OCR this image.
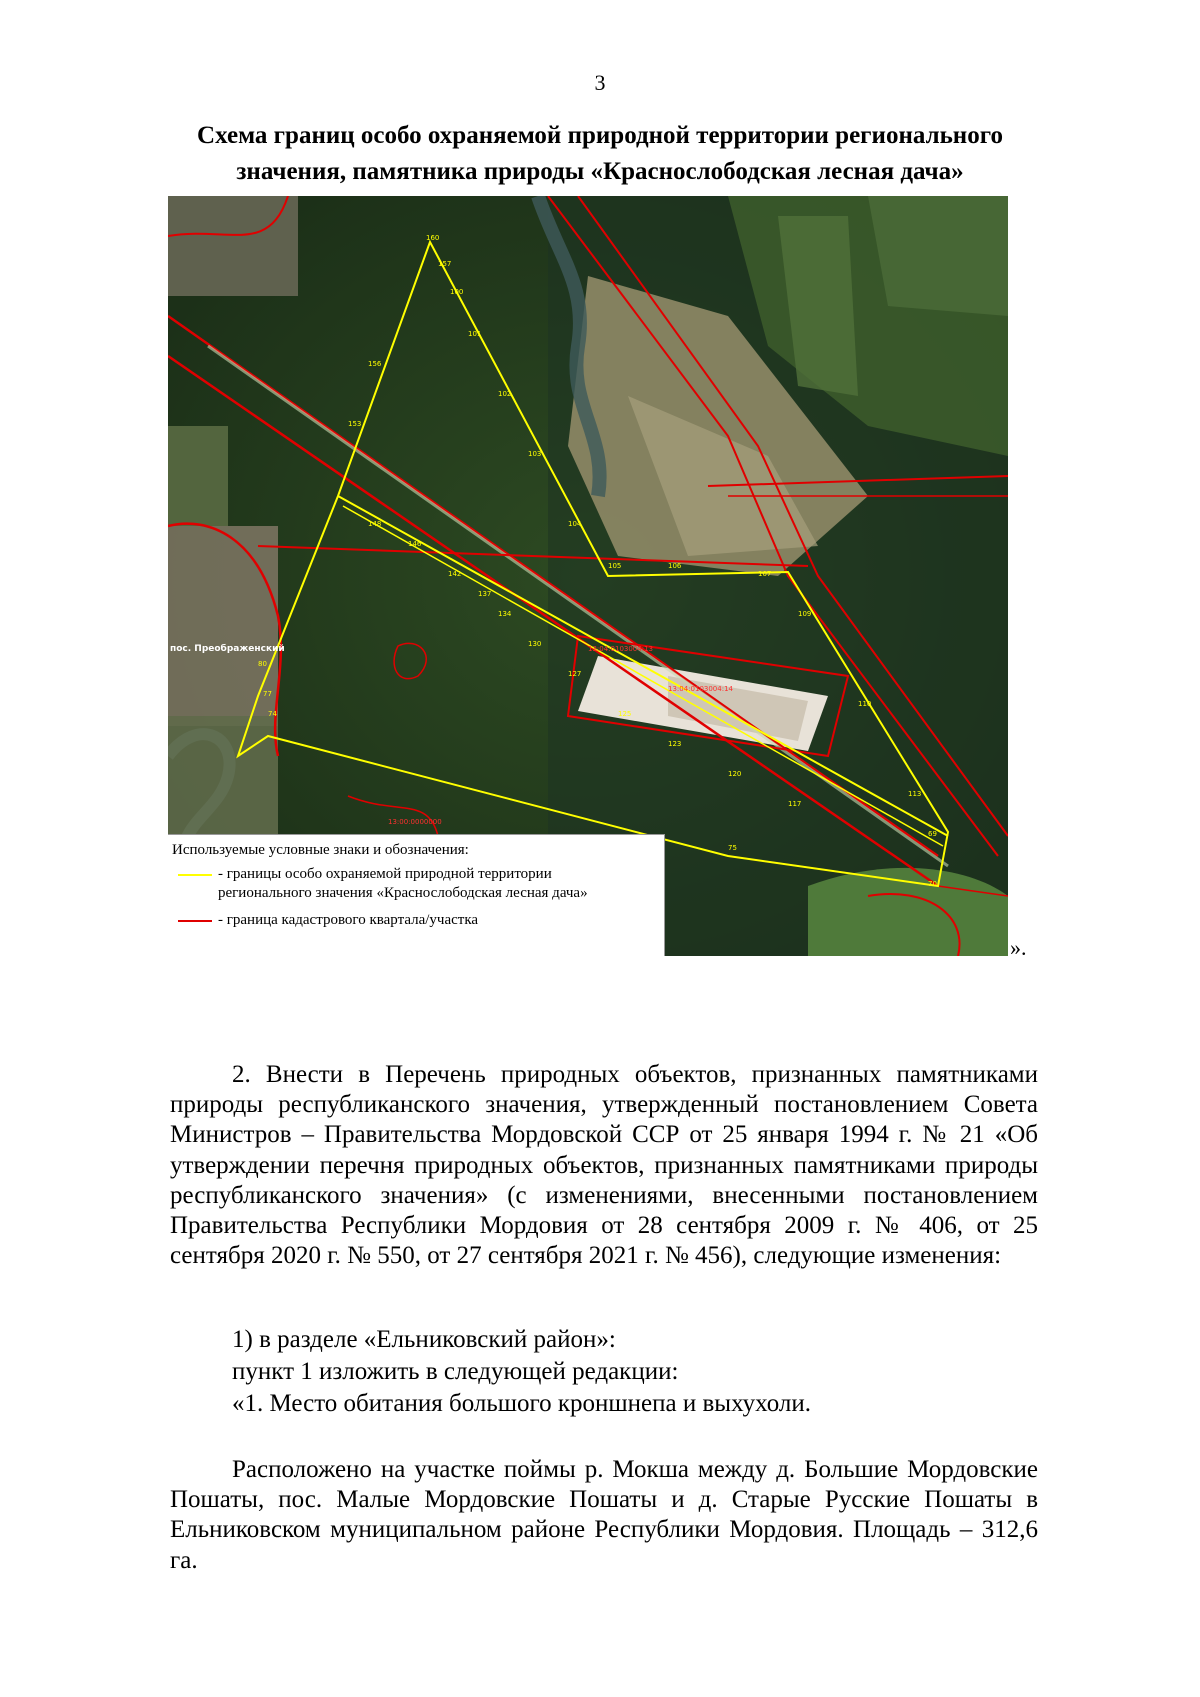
3
Схема границ особо охраняемой природной территории регионального
значения, памятника природы «Краснослободская лесная дача»
160
157
100
101
102
103
104
105	106
107
109
110
113
69
70
75
148
146
142
137
134
130
127
125
123
120
117
80
77
74
153
156
13:04:0103004:13
13:04:0103004:14
13:00:0000000
пос. Преображенский
Используемые условные знаки и обозначения:
- границы особо охраняемой природной территории
регионального значения «Краснослободская лесная дача»
- граница кадастрового квартала/участка
».
2. Внести в Перечень природных объектов, признанных памятниками природы республиканского значения, утвержденный постановлением Совета Министров – Правительства Мордовской ССР от 25 января 1994 г. № 21 «Об утверждении перечня природных объектов, признанных памятниками природы республиканского значения» (с изменениями, внесенными постановлением Правительства Республики Мордовия от 28 сентября 2009 г. № 406, от 25 сентября 2020 г. № 550, от 27 сентября 2021 г. № 456), следующие изменения:
1) в разделе «Ельниковский район»:
пункт 1 изложить в следующей редакции:
«1. Место обитания большого кроншнепа и выхухоли.
Расположено на участке поймы р. Мокша между д. Большие Мордовские Пошаты, пос. Малые Мордовские Пошаты и д. Старые Русские Пошаты в Ельниковском муниципальном районе Республики Мордовия. Площадь – 312,6 га.
